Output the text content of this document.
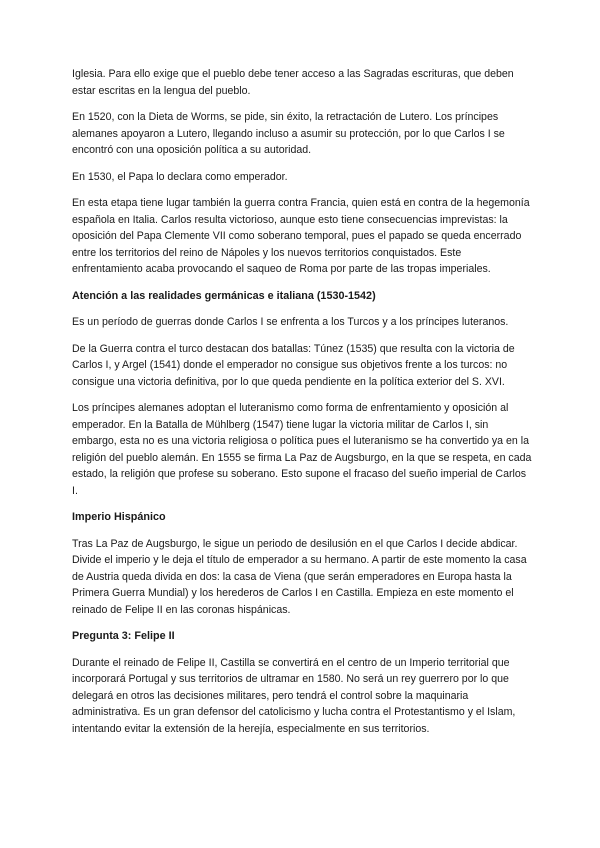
Iglesia. Para ello exige que el pueblo debe tener acceso a las Sagradas escrituras, que deben estar escritas en la lengua del pueblo.

En 1520, con la Dieta de Worms, se pide, sin éxito, la retractación de Lutero. Los príncipes alemanes apoyaron a Lutero, llegando incluso a asumir su protección, por lo que Carlos I se encontró con una oposición política a su autoridad.

En 1530, el Papa lo declara como emperador.

En esta etapa tiene lugar también la guerra contra Francia, quien está en contra de la hegemonía española en Italia. Carlos resulta victorioso, aunque esto tiene consecuencias imprevistas: la oposición del Papa Clemente VII como soberano temporal, pues el papado se queda encerrado entre los territorios del reino de Nápoles y los nuevos territorios conquistados. Este enfrentamiento acaba provocando el saqueo de Roma por parte de las tropas imperiales.

Atención a las realidades germánicas e italiana (1530-1542)

Es un período de guerras donde Carlos I se enfrenta a los Turcos y a los príncipes luteranos.

De la Guerra contra el turco destacan dos batallas: Túnez (1535) que resulta con la victoria de Carlos I, y Argel (1541) donde el emperador no consigue sus objetivos frente a los turcos: no consigue una victoria definitiva, por lo que queda pendiente en la política exterior del S. XVI.

Los príncipes alemanes adoptan el luteranismo como forma de enfrentamiento y oposición al emperador. En la Batalla de Mühlberg (1547) tiene lugar la victoria militar de Carlos I, sin embargo, esta no es una victoria religiosa o política pues el luteranismo se ha convertido ya en la religión del pueblo alemán. En 1555 se firma La Paz de Augsburgo, en la que se respeta, en cada estado, la religión que profese su soberano. Esto supone el fracaso del sueño imperial de Carlos I.

Imperio Hispánico

Tras La Paz de Augsburgo, le sigue un periodo de desilusión en el que Carlos I decide abdicar. Divide el imperio y le deja el título de emperador a su hermano. A partir de este momento la casa de Austria queda divida en dos: la casa de Viena (que serán emperadores en Europa hasta la Primera Guerra Mundial) y los herederos de Carlos I en Castilla. Empieza en este momento el reinado de Felipe II en las coronas hispánicas.

Pregunta 3: Felipe II

Durante el reinado de Felipe II, Castilla se convertirá en el centro de un Imperio territorial que incorporará Portugal y sus territorios de ultramar en 1580. No será un rey guerrero por lo que delegará en otros las decisiones militares, pero tendrá el control sobre la maquinaria administrativa. Es un gran defensor del catolicismo y lucha contra el Protestantismo y el Islam, intentando evitar la extensión de la herejía, especialmente en sus territorios.
